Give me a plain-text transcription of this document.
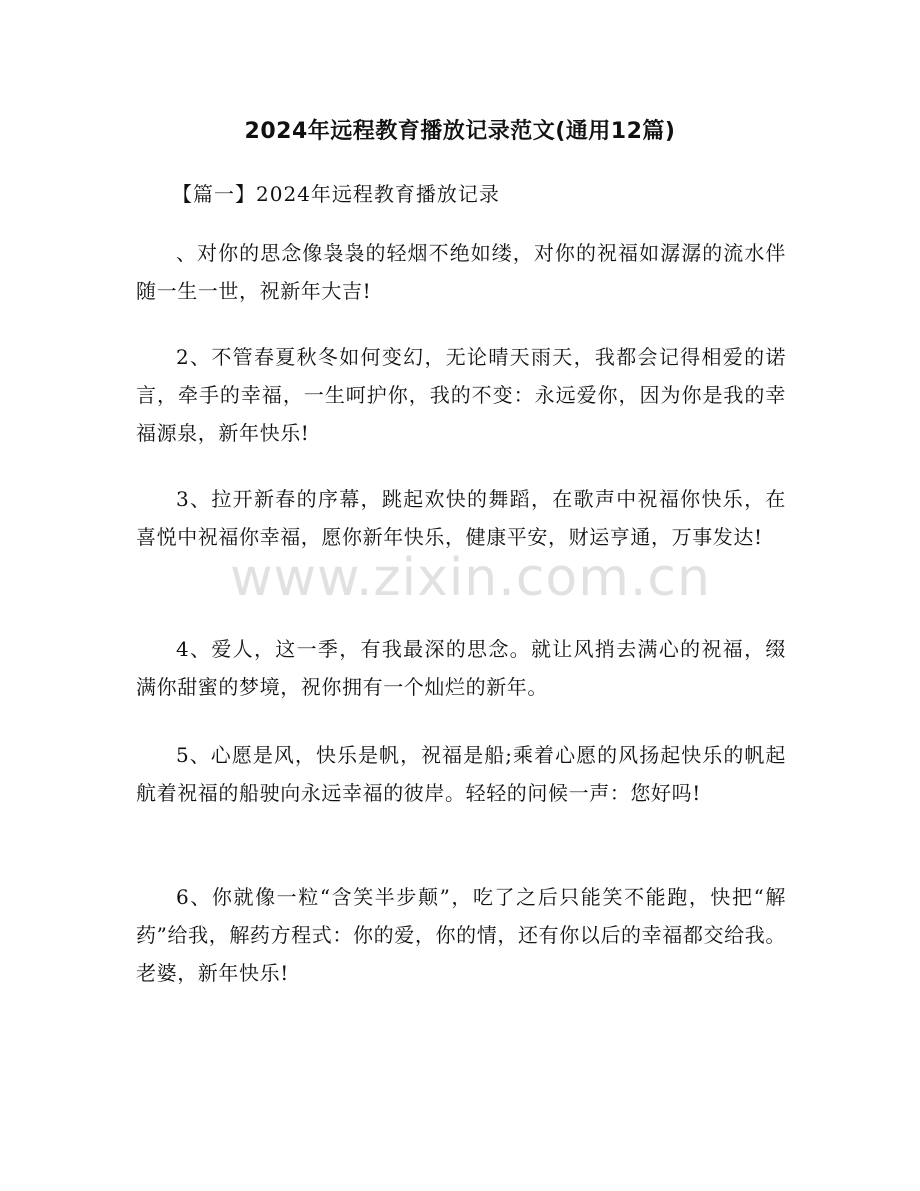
2024年远程教育播放记录范文(通用12篇)
【篇一】2024年远程教育播放记录

、对你的思念像袅袅的轻烟不绝如缕，对你的祝福如潺潺的流水伴随一生一世，祝新年大吉!

2、不管春夏秋冬如何变幻，无论晴天雨天，我都会记得相爱的诺言，牵手的幸福，一生呵护你，我的不变：永远爱你，因为你是我的幸福源泉，新年快乐!

3、拉开新春的序幕，跳起欢快的舞蹈，在歌声中祝福你快乐，在喜悦中祝福你幸福，愿你新年快乐，健康平安，财运亨通，万事发达!

4、爱人，这一季，有我最深的思念。就让风捎去满心的祝福，缀满你甜蜜的梦境，祝你拥有一个灿烂的新年。

5、心愿是风，快乐是帆，祝福是船;乘着心愿的风扬起快乐的帆起航着祝福的船驶向永远幸福的彼岸。轻轻的问候一声：您好吗!

6、你就像一粒“含笑半步颠”，吃了之后只能笑不能跑，快把“解药”给我，解药方程式：你的爱，你的情，还有你以后的幸福都交给我。老婆，新年快乐!

www.zixin.com.cn
